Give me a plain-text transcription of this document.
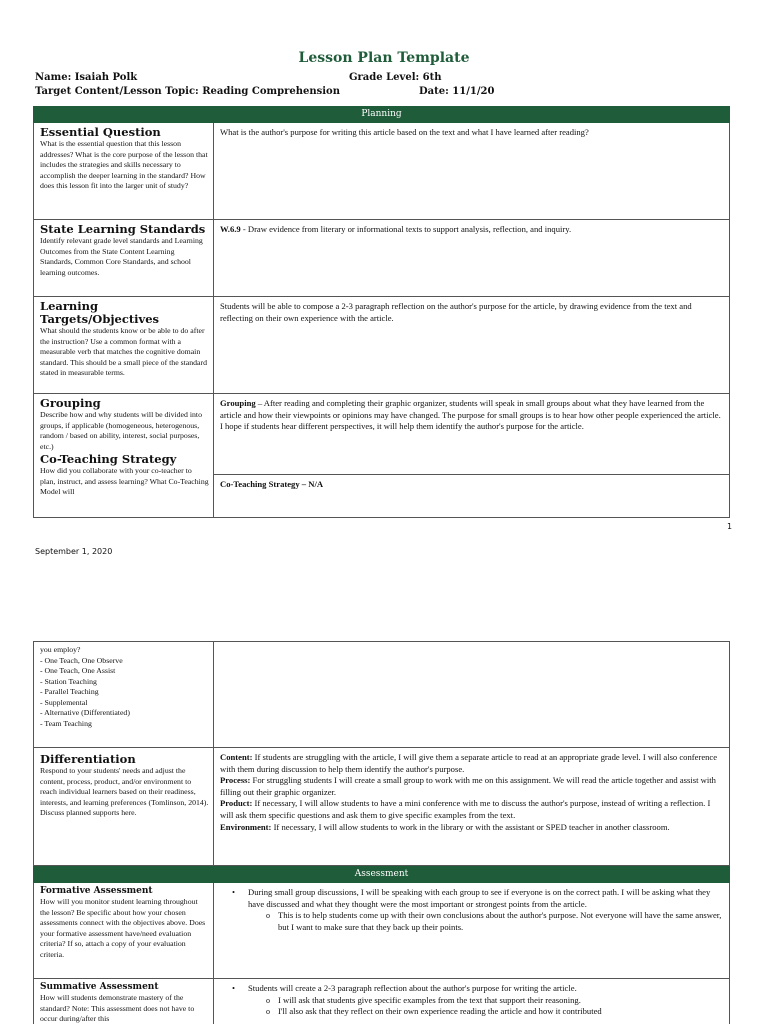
Lesson Plan Template
Name: Isaiah Polk	Grade Level: 6th
Target Content/Lesson Topic: Reading Comprehension	Date: 11/1/20
Planning
Essential Question
What is the essential question that this lesson addresses? What is the core purpose of the lesson that includes the strategies and skills necessary to accomplish the deeper learning in the standard? How does this lesson fit into the larger unit of study?
What is the author's purpose for writing this article based on the text and what I have learned after reading?
State Learning Standards
Identify relevant grade level standards and Learning Outcomes from the State Content Learning Standards, Common Core Standards, and school learning outcomes.
W.6.9 - Draw evidence from literary or informational texts to support analysis, reflection, and inquiry.
Learning Targets/Objectives
What should the students know or be able to do after the instruction? Use a common format with a measurable verb that matches the cognitive domain standard. This should be a small piece of the standard stated in measurable terms.
Students will be able to compose a 2-3 paragraph reflection on the author's purpose for the article, by drawing evidence from the text and reflecting on their own experience with the article.
Grouping
Describe how and why students will be divided into groups, if applicable (homogeneous, heterogenous, random / based on ability, interest, social purposes, etc.)
Co-Teaching Strategy
How did you collaborate with your co-teacher to plan, instruct, and assess learning? What Co-Teaching Model will
Grouping – After reading and completing their graphic organizer, students will speak in small groups about what they have learned from the article and how their viewpoints or opinions may have changed. The purpose for small groups is to hear how other people experienced the article. I hope if students hear different perspectives, it will help them identify the author's purpose for the article.
Co-Teaching Strategy – N/A
1
September 1, 2020
you employ?
- One Teach, One Observe
- One Teach, One Assist
- Station Teaching
- Parallel Teaching
- Supplemental
- Alternative (Differentiated)
- Team Teaching
Differentiation
Respond to your students' needs and adjust the content, process, product, and/or environment to reach individual learners based on their readiness, interests, and learning preferences (Tomlinson, 2014). Discuss planned supports here.
Content: If students are struggling with the article, I will give them a separate article to read at an appropriate grade level. I will also conference with them during discussion to help them identify the author's purpose.
Process: For struggling students I will create a small group to work with me on this assignment. We will read the article together and assist with filling out their graphic organizer.
Product: If necessary, I will allow students to have a mini conference with me to discuss the author's purpose, instead of writing a reflection. I will ask them specific questions and ask them to give specific examples from the text.
Environment: If necessary, I will allow students to work in the library or with the assistant or SPED teacher in another classroom.
Assessment
Formative Assessment
How will you monitor student learning throughout the lesson? Be specific about how your chosen assessments connect with the objectives above. Does your formative assessment have/need evaluation criteria? If so, attach a copy of your evaluation criteria.
• During small group discussions, I will be speaking with each group to see if everyone is on the correct path. I will be asking what they have discussed and what they thought were the most important or strongest points from the article.
o This is to help students come up with their own conclusions about the author's purpose. Not everyone will have the same answer, but I want to make sure that they back up their points.
Summative Assessment
How will students demonstrate mastery of the standard? Note: This assessment does not have to occur during/after this
• Students will create a 2-3 paragraph reflection about the author's purpose for writing the article.
o I will ask that students give specific examples from the text that support their reasoning.
o I'll also ask that they reflect on their own experience reading the article and how it contributed
